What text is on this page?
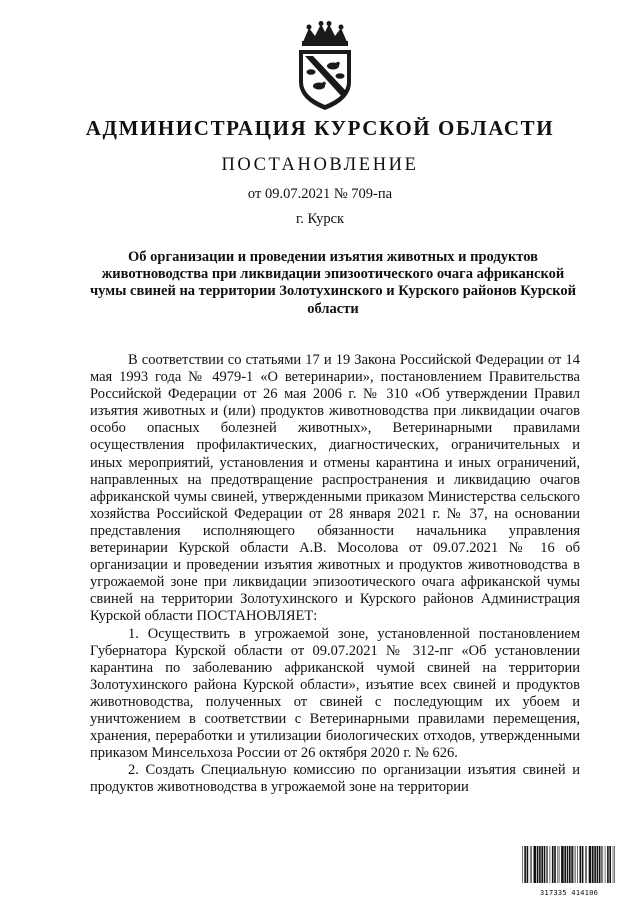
АДМИНИСТРАЦИЯ КУРСКОЙ ОБЛАСТИ
ПОСТАНОВЛЕНИЕ
от 09.07.2021 № 709-па
г. Курск
Об организации и проведении изъятия животных и продуктов животноводства при ликвидации эпизоотического очага африканской чумы свиней на территории Золотухинского и Курского районов Курской области

В соответствии со статьями 17 и 19 Закона Российской Федерации от 14 мая 1993 года № 4979-1 «О ветеринарии», постановлением Правительства Российской Федерации от 26 мая 2006 г. № 310 «Об утверждении Правил изъятия животных и (или) продуктов животноводства при ликвидации очагов особо опасных болезней животных», Ветеринарными правилами осуществления профилактических, диагностических, ограничительных и иных мероприятий, установления и отмены карантина и иных ограничений, направленных на предотвращение распространения и ликвидацию очагов африканской чумы свиней, утвержденными приказом Министерства сельского хозяйства Российской Федерации от 28 января 2021 г. № 37, на основании представления исполняющего обязанности начальника управления ветеринарии Курской области А.В. Мосолова от 09.07.2021 № 16 об организации и проведении изъятия животных и продуктов животноводства в угрожаемой зоне при ликвидации эпизоотического очага африканской чумы свиней на территории Золотухинского и Курского районов Администрация Курской области ПОСТАНОВЛЯЕТ:

1. Осуществить в угрожаемой зоне, установленной постановлением Губернатора Курской области от 09.07.2021 № 312-пг «Об установлении карантина по заболеванию африканской чумой свиней на территории Золотухинского района Курской области», изъятие всех свиней и продуктов животноводства, полученных от свиней с последующим их убоем и уничтожением в соответствии с Ветеринарными правилами перемещения, хранения, переработки и утилизации биологических отходов, утвержденными приказом Минсельхоза России от 26 октября 2020 г. № 626.

2. Создать Специальную комиссию по организации изъятия свиней и продуктов животноводства в угрожаемой зоне на территории

317335 414106
